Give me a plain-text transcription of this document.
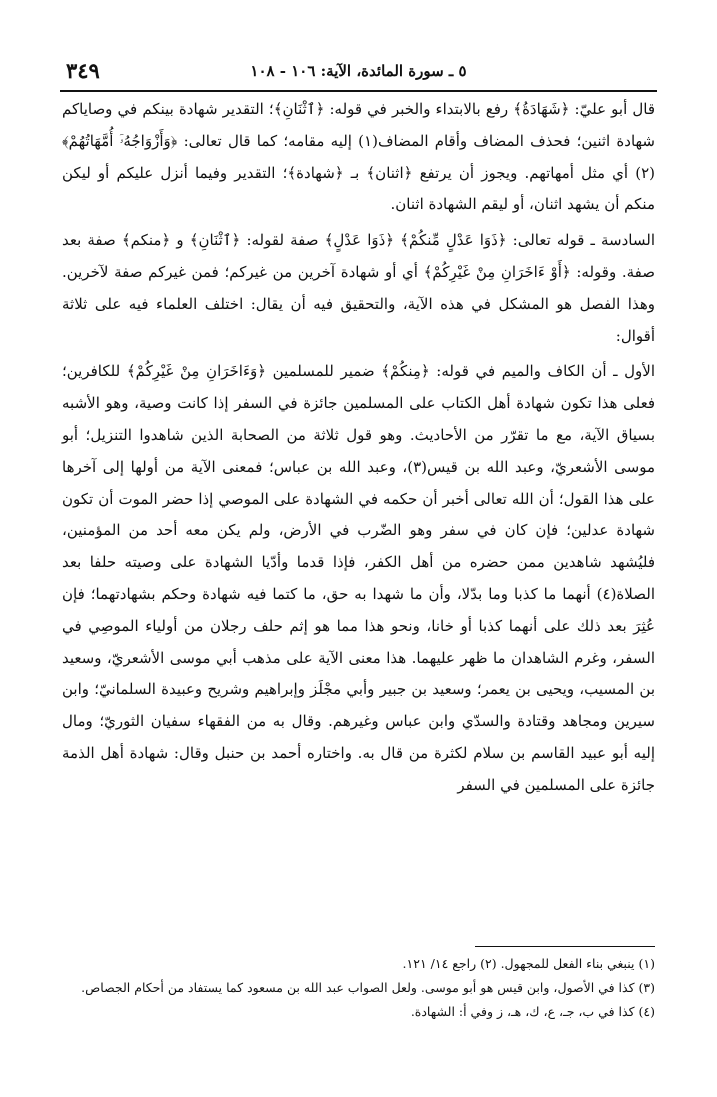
٣٤٩	٥ ـ سورة المائدة، الآية: ١٠٦ - ١٠٨

قال أبو عليّ: ﴿شَهَادَةُ﴾ رفع بالابتداء والخبر في قوله: ﴿ٱثْنَانِ﴾؛ التقدير شهادة بينكم في وصاياكم شهادة اثنين؛ فحذف المضاف وأقام المضاف(١) إليه مقامه؛ كما قال تعالى: ﴿وَأَزْوَاجُهُۥٓ أُمَّهَاتُهُمْ﴾(٢) أي مثل أمهاتهم. ويجوز أن يرتفع ﴿اثنان﴾ بـ ﴿شهادة﴾؛ التقدير وفيما أنزل عليكم أو ليكن منكم أن يشهد اثنان، أو ليقم الشهادة اثنان.

السادسة ـ قوله تعالى: ﴿ذَوَا عَدْلٍ مِّنكُمْ﴾ ﴿ذَوَا عَدْلٍ﴾ صفة لقوله: ﴿ٱثْنَانِ﴾ و ﴿منكم﴾ صفة بعد صفة. وقوله: ﴿أَوْ ءَاخَرَانِ مِنْ غَيْرِكُمْ﴾ أي أو شهادة آخرين من غيركم؛ فمن غيركم صفة لآخرين. وهذا الفصل هو المشكل في هذه الآية، والتحقيق فيه أن يقال: اختلف العلماء فيه على ثلاثة أقوال:

الأول ـ أن الكاف والميم في قوله: ﴿مِنكُمْ﴾ ضمير للمسلمين ﴿وَءَاخَرَانِ مِنْ غَيْرِكُمْ﴾ للكافرين؛ فعلى هذا تكون شهادة أهل الكتاب على المسلمين جائزة في السفر إذا كانت وصية، وهو الأشبه بسياق الآية، مع ما تقرّر من الأحاديث. وهو قول ثلاثة من الصحابة الذين شاهدوا التنزيل؛ أبو موسى الأشعريّ، وعبد الله بن قيس(٣)، وعبد الله بن عباس؛ فمعنى الآية من أولها إلى آخرها على هذا القول؛ أن الله تعالى أخبر أن حكمه في الشهادة على الموصي إذا حضر الموت أن تكون شهادة عدلين؛ فإن كان في سفر وهو الضّرب في الأرض، ولم يكن معه أحد من المؤمنين، فليُشهد شاهدين ممن حضره من أهل الكفر، فإذا قدما وأدّيا الشهادة على وصيته حلفا بعد الصلاة(٤) أنهما ما كذبا وما بدّلا، وأن ما شهدا به حق، ما كتما فيه شهادة وحكم بشهادتهما؛ فإن عُثِرَ بعد ذلك على أنهما كذبا أو خانا، ونحو هذا مما هو إثم حلف رجلان من أولياء الموصِي في السفر، وغرم الشاهدان ما ظهر عليهما. هذا معنى الآية على مذهب أبي موسى الأشعريّ، وسعيد بن المسيب، ويحيى بن يعمر؛ وسعيد بن جبير وأبي مجْلَز وإبراهيم وشريح وعبيدة السلمانيّ؛ وابن سيرين ومجاهد وقتادة والسدّي وابن عباس وغيرهم. وقال به من الفقهاء سفيان الثوريّ؛ ومال إليه أبو عبيد القاسم بن سلام لكثرة من قال به. واختاره أحمد بن حنبل وقال: شهادة أهل الذمة جائزة على المسلمين في السفر

(١) ينبغي بناء الفعل للمجهول. (٢) راجع ١٤/ ١٢١.
(٣) كذا في الأصول، وابن قيس هو أبو موسى. ولعل الصواب عبد الله بن مسعود كما يستفاد من أحكام الجصاص.
(٤) كذا في ب، جـ، ع، ك، هـ، ز وفي أ: الشهادة.
